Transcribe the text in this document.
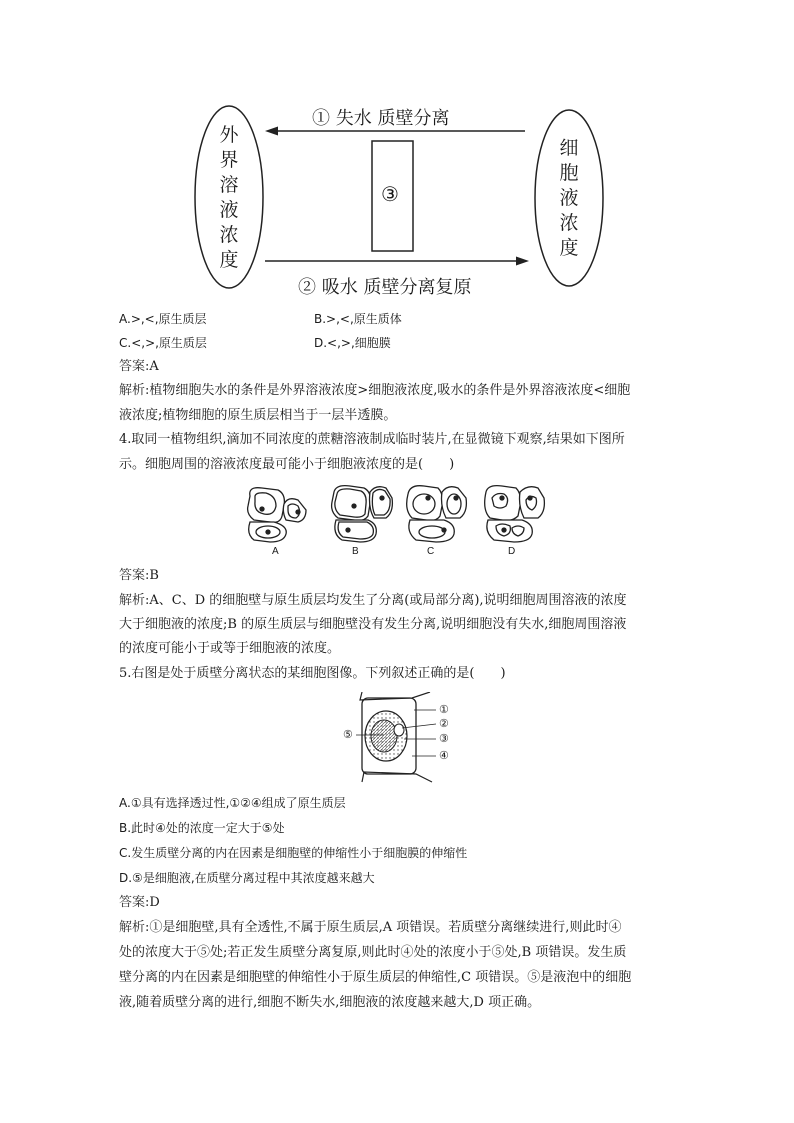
① 失水 质壁分离
② 吸水 质壁分离复原
③
外
界
溶
液
浓
度
细
胞
液
浓
度
A.>,<,原生质层	B.>,<,原生质体
C.<,>,原生质层	D.<,>,细胞膜
答案:A
解析:植物细胞失水的条件是外界溶液浓度>细胞液浓度,吸水的条件是外界溶液浓度<细胞
液浓度;植物细胞的原生质层相当于一层半透膜。
4.取同一植物组织,滴加不同浓度的蔗糖溶液制成临时装片,在显微镜下观察,结果如下图所
示。细胞周围的溶液浓度最可能小于细胞液浓度的是(　　)
A	B	C	D
答案:B
解析:A、C、D 的细胞壁与原生质层均发生了分离(或局部分离),说明细胞周围溶液的浓度
大于细胞液的浓度;B 的原生质层与细胞壁没有发生分离,说明细胞没有失水,细胞周围溶液
的浓度可能小于或等于细胞液的浓度。
5.右图是处于质壁分离状态的某细胞图像。下列叙述正确的是(　　)
①
②
③
④
⑤
A.①具有选择透过性,①②④组成了原生质层
B.此时④处的浓度一定大于⑤处
C.发生质壁分离的内在因素是细胞壁的伸缩性小于细胞膜的伸缩性
D.⑤是细胞液,在质壁分离过程中其浓度越来越大
答案:D
解析:①是细胞壁,具有全透性,不属于原生质层,A 项错误。若质壁分离继续进行,则此时④
处的浓度大于⑤处;若正发生质壁分离复原,则此时④处的浓度小于⑤处,B 项错误。发生质
壁分离的内在因素是细胞壁的伸缩性小于原生质层的伸缩性,C 项错误。⑤是液泡中的细胞
液,随着质壁分离的进行,细胞不断失水,细胞液的浓度越来越大,D 项正确。
